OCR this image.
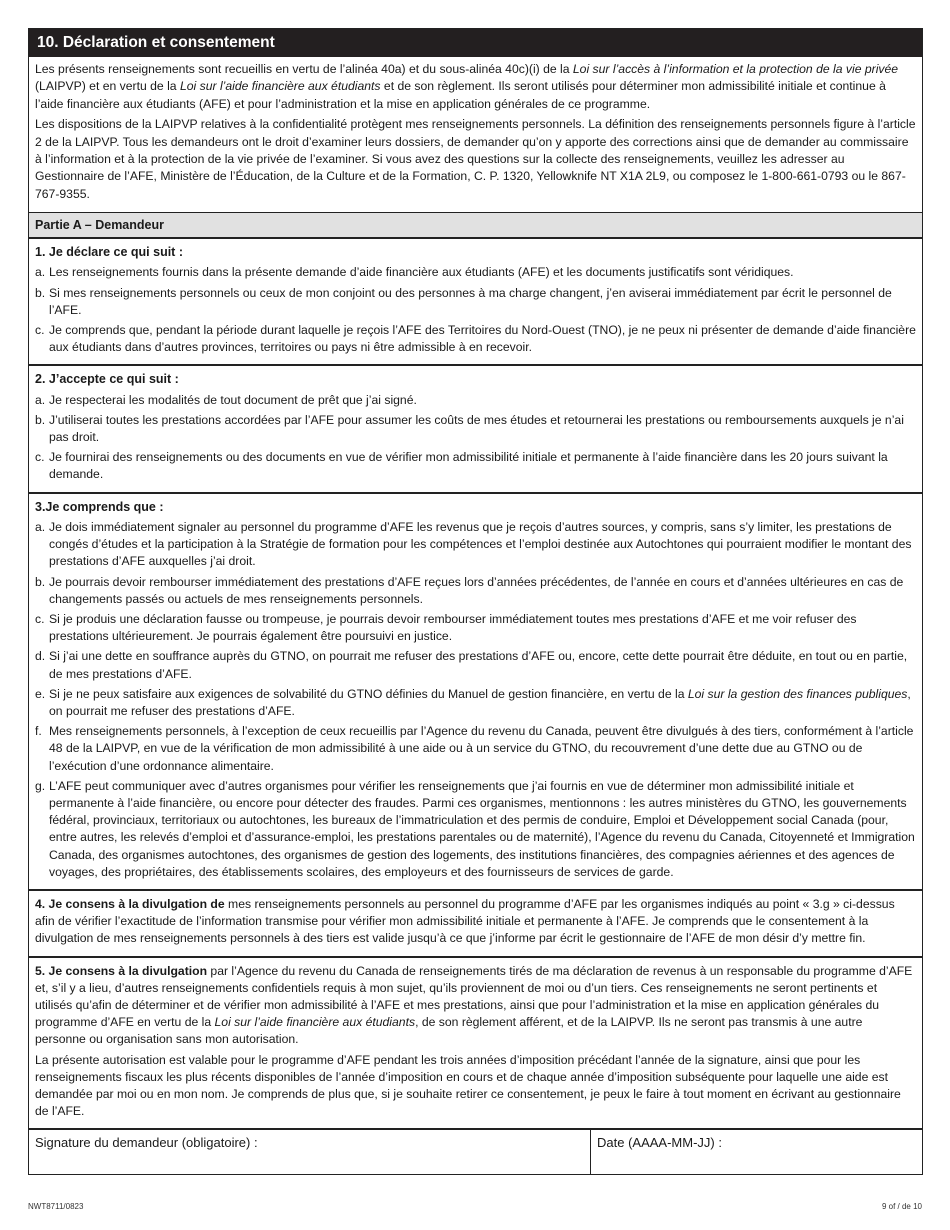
10. Déclaration et consentement

Les présents renseignements sont recueillis en vertu de l’alinéa 40a) et du sous-alinéa 40c)(i) de la Loi sur l’accès à l’information et la protection de la vie privée (LAIPVP) et en vertu de la Loi sur l’aide financière aux étudiants et de son règlement. Ils seront utilisés pour déterminer mon admissibilité initiale et continue à l’aide financière aux étudiants (AFE) et pour l’administration et la mise en application générales de ce programme.

Les dispositions de la LAIPVP relatives à la confidentialité protègent mes renseignements personnels. La définition des renseignements personnels figure à l’article 2 de la LAIPVP. Tous les demandeurs ont le droit d’examiner leurs dossiers, de demander qu’on y apporte des corrections ainsi que de demander au commissaire à l’information et à la protection de la vie privée de l’examiner. Si vous avez des questions sur la collecte des renseignements, veuillez les adresser au Gestionnaire de l’AFE, Ministère de l’Éducation, de la Culture et de la Formation, C. P. 1320, Yellowknife NT X1A 2L9, ou composez le 1-800-661-0793 ou le 867-767-9355.

Partie A – Demandeur
1. Je déclare ce qui suit :
a. Les renseignements fournis dans la présente demande d’aide financière aux étudiants (AFE) et les documents justificatifs sont véridiques.
b. Si mes renseignements personnels ou ceux de mon conjoint ou des personnes à ma charge changent, j’en aviserai immédiatement par écrit le personnel de l’AFE.
c. Je comprends que, pendant la période durant laquelle je reçois l’AFE des Territoires du Nord-Ouest (TNO), je ne peux ni présenter de demande d’aide financière aux étudiants dans d’autres provinces, territoires ou pays ni être admissible à en recevoir.
2. J’accepte ce qui suit :
a. Je respecterai les modalités de tout document de prêt que j’ai signé.
b. J’utiliserai toutes les prestations accordées par l’AFE pour assumer les coûts de mes études et retournerai les prestations ou remboursements auxquels je n’ai pas droit.
c. Je fournirai des renseignements ou des documents en vue de vérifier mon admissibilité initiale et permanente à l’aide financière dans les 20 jours suivant la demande.
3.Je comprends que :
a. Je dois immédiatement signaler au personnel du programme d’AFE les revenus que je reçois d’autres sources, y compris, sans s’y limiter, les prestations de congés d’études et la participation à la Stratégie de formation pour les compétences et l’emploi destinée aux Autochtones qui pourraient modifier le montant des prestations d’AFE auxquelles j’ai droit.
b. Je pourrais devoir rembourser immédiatement des prestations d’AFE reçues lors d’années précédentes, de l’année en cours et d’années ultérieures en cas de changements passés ou actuels de mes renseignements personnels.
c. Si je produis une déclaration fausse ou trompeuse, je pourrais devoir rembourser immédiatement toutes mes prestations d’AFE et me voir refuser des prestations ultérieurement. Je pourrais également être poursuivi en justice.
d. Si j’ai une dette en souffrance auprès du GTNO, on pourrait me refuser des prestations d’AFE ou, encore, cette dette pourrait être déduite, en tout ou en partie, de mes prestations d’AFE.
e. Si je ne peux satisfaire aux exigences de solvabilité du GTNO définies du Manuel de gestion financière, en vertu de la Loi sur la gestion des finances publiques, on pourrait me refuser des prestations d’AFE.
f. Mes renseignements personnels, à l’exception de ceux recueillis par l’Agence du revenu du Canada, peuvent être divulgués à des tiers, conformément à l’article 48 de la LAIPVP, en vue de la vérification de mon admissibilité à une aide ou à un service du GTNO, du recouvrement d’une dette due au GTNO ou de l’exécution d’une ordonnance alimentaire.
g. L’AFE peut communiquer avec d’autres organismes pour vérifier les renseignements que j’ai fournis en vue de déterminer mon admissibilité initiale et permanente à l’aide financière, ou encore pour détecter des fraudes. Parmi ces organismes, mentionnons : les autres ministères du GTNO, les gouvernements fédéral, provinciaux, territoriaux ou autochtones, les bureaux de l’immatriculation et des permis de conduire, Emploi et Développement social Canada (pour, entre autres, les relevés d’emploi et d’assurance-emploi, les prestations parentales ou de maternité), l’Agence du revenu du Canada, Citoyenneté et Immigration Canada, des organismes autochtones, des organismes de gestion des logements, des institutions financières, des compagnies aériennes et des agences de voyages, des propriétaires, des établissements scolaires, des employeurs et des fournisseurs de services de garde.

4. Je consens à la divulgation de mes renseignements personnels au personnel du programme d’AFE par les organismes indiqués au point « 3.g » ci-dessus afin de vérifier l’exactitude de l’information transmise pour vérifier mon admissibilité initiale et permanente à l’AFE. Je comprends que le consentement à la divulgation de mes renseignements personnels à des tiers est valide jusqu’à ce que j’informe par écrit le gestionnaire de l’AFE de mon désir d’y mettre fin.

5. Je consens à la divulgation par l’Agence du revenu du Canada de renseignements tirés de ma déclaration de revenus à un responsable du programme d’AFE et, s’il y a lieu, d’autres renseignements confidentiels requis à mon sujet, qu’ils proviennent de moi ou d’un tiers. Ces renseignements ne seront pertinents et utilisés qu’afin de déterminer et de vérifier mon admissibilité à l’AFE et mes prestations, ainsi que pour l’administration et la mise en application générales du programme d’AFE en vertu de la Loi sur l’aide financière aux étudiants, de son règlement afférent, et de la LAIPVP. Ils ne seront pas transmis à une autre personne ou organisation sans mon autorisation.

La présente autorisation est valable pour le programme d’AFE pendant les trois années d’imposition précédant l’année de la signature, ainsi que pour les renseignements fiscaux les plus récents disponibles de l’année d’imposition en cours et de chaque année d’imposition subséquente pour laquelle une aide est demandée par moi ou en mon nom. Je comprends de plus que, si je souhaite retirer ce consentement, je peux le faire à tout moment en écrivant au gestionnaire de l’AFE.

Signature du demandeur (obligatoire) :	Date (AAAA-MM-JJ) :
NWT8711/0823	9 of / de 10
